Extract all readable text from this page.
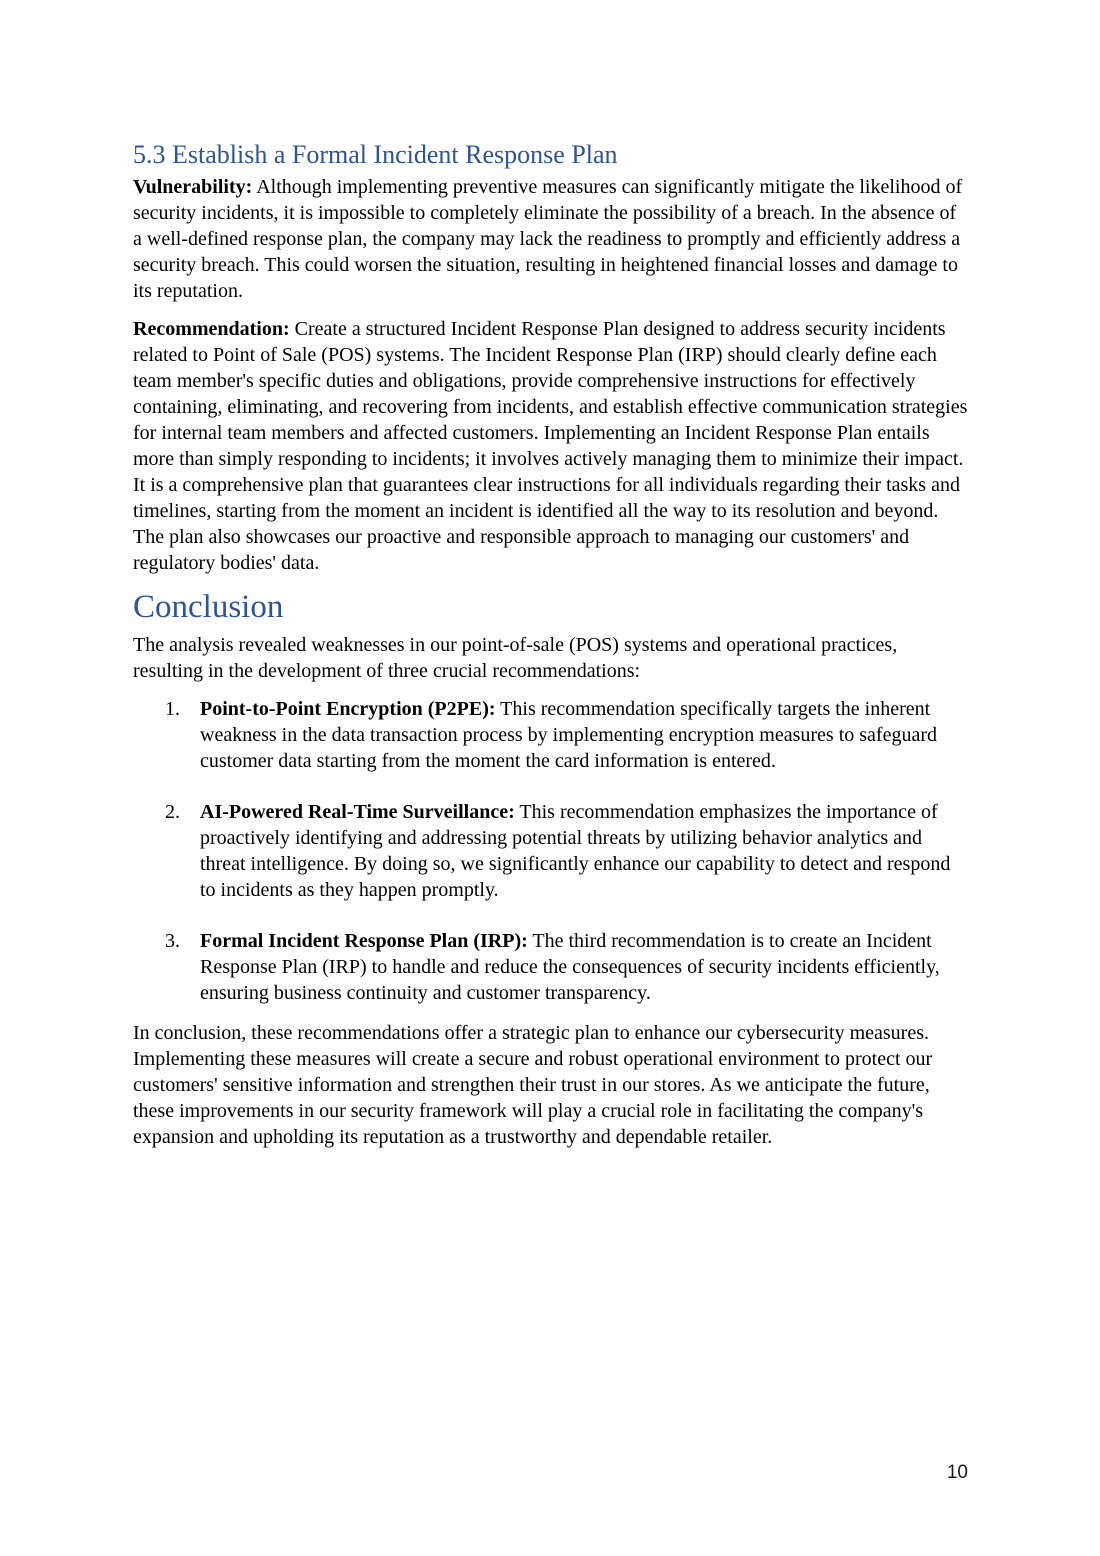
5.3 Establish a Formal Incident Response Plan

Vulnerability: Although implementing preventive measures can significantly mitigate the likelihood of security incidents, it is impossible to completely eliminate the possibility of a breach. In the absence of a well-defined response plan, the company may lack the readiness to promptly and efficiently address a security breach. This could worsen the situation, resulting in heightened financial losses and damage to its reputation.

Recommendation: Create a structured Incident Response Plan designed to address security incidents related to Point of Sale (POS) systems. The Incident Response Plan (IRP) should clearly define each team member's specific duties and obligations, provide comprehensive instructions for effectively containing, eliminating, and recovering from incidents, and establish effective communication strategies for internal team members and affected customers. Implementing an Incident Response Plan entails more than simply responding to incidents; it involves actively managing them to minimize their impact. It is a comprehensive plan that guarantees clear instructions for all individuals regarding their tasks and timelines, starting from the moment an incident is identified all the way to its resolution and beyond. The plan also showcases our proactive and responsible approach to managing our customers' and regulatory bodies' data.

Conclusion

The analysis revealed weaknesses in our point-of-sale (POS) systems and operational practices, resulting in the development of three crucial recommendations:

1.	Point-to-Point Encryption (P2PE): This recommendation specifically targets the inherent weakness in the data transaction process by implementing encryption measures to safeguard customer data starting from the moment the card information is entered.
2.	AI-Powered Real-Time Surveillance: This recommendation emphasizes the importance of proactively identifying and addressing potential threats by utilizing behavior analytics and threat intelligence. By doing so, we significantly enhance our capability to detect and respond to incidents as they happen promptly.
3.	Formal Incident Response Plan (IRP): The third recommendation is to create an Incident Response Plan (IRP) to handle and reduce the consequences of security incidents efficiently, ensuring business continuity and customer transparency.

In conclusion, these recommendations offer a strategic plan to enhance our cybersecurity measures. Implementing these measures will create a secure and robust operational environment to protect our customers' sensitive information and strengthen their trust in our stores. As we anticipate the future, these improvements in our security framework will play a crucial role in facilitating the company's expansion and upholding its reputation as a trustworthy and dependable retailer.

10
